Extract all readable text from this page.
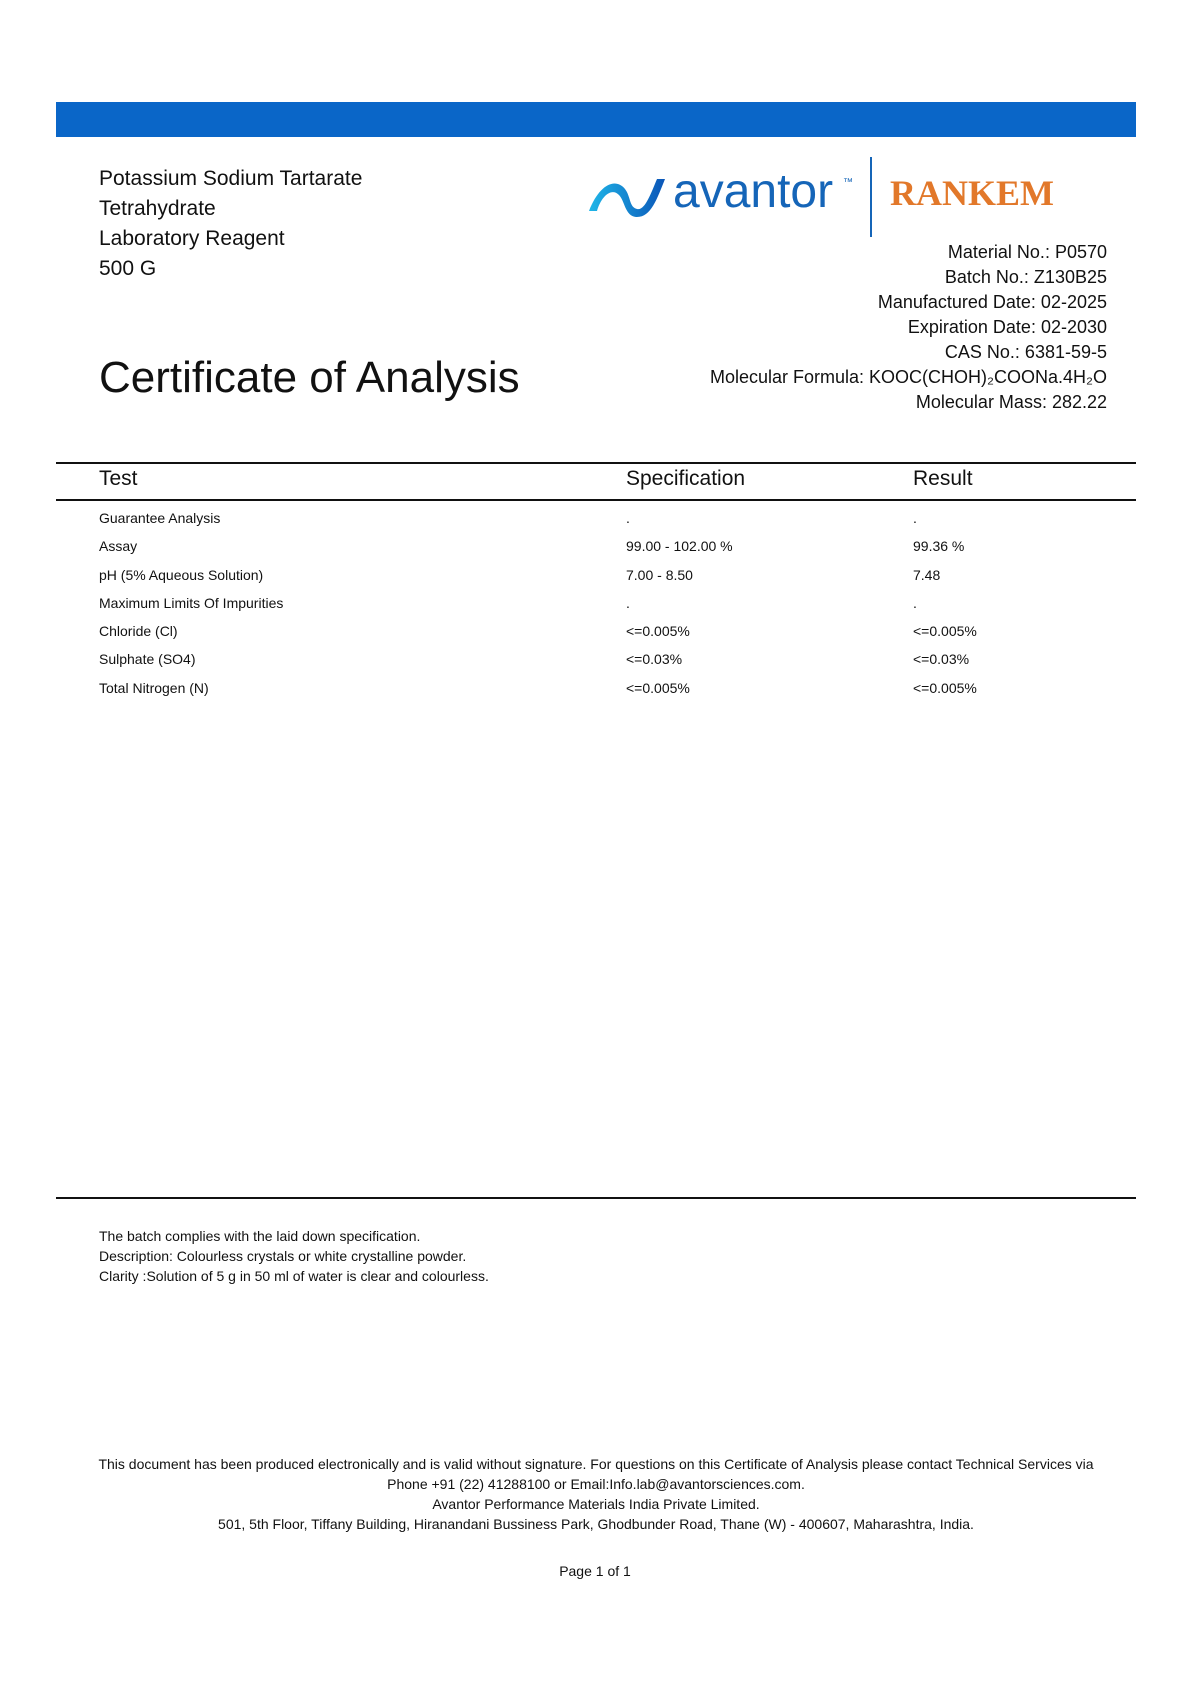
Potassium Sodium Tartarate
Tetrahydrate
Laboratory Reagent
500 G
avantor ™ RANKEM
Material No.: P0570
Batch No.: Z130B25
Manufactured Date: 02-2025
Expiration Date: 02-2030
CAS No.: 6381-59-5
Molecular Formula: KOOC(CHOH)₂COONa.4H₂O
Molecular Mass: 282.22
Certificate of Analysis
Test	Specification	Result
Guarantee Analysis	.	.
Assay	99.00 - 102.00 %	99.36 %
pH (5% Aqueous Solution)	7.00 - 8.50	7.48
Maximum Limits Of Impurities	.	.
Chloride (Cl)	<=0.005%	<=0.005%
Sulphate (SO4)	<=0.03%	<=0.03%
Total Nitrogen (N)	<=0.005%	<=0.005%
The batch complies with the laid down specification.
Description: Colourless crystals or white crystalline powder.
Clarity :Solution of 5 g in 50 ml of water is clear and colourless.
This document has been produced electronically and is valid without signature. For questions on this Certificate of Analysis please contact Technical Services via
Phone +91 (22) 41288100 or Email:Info.lab@avantorsciences.com.
Avantor Performance Materials India Private Limited.
501, 5th Floor, Tiffany Building, Hiranandani Bussiness Park, Ghodbunder Road, Thane (W) - 400607, Maharashtra, India.
Page 1 of 1
